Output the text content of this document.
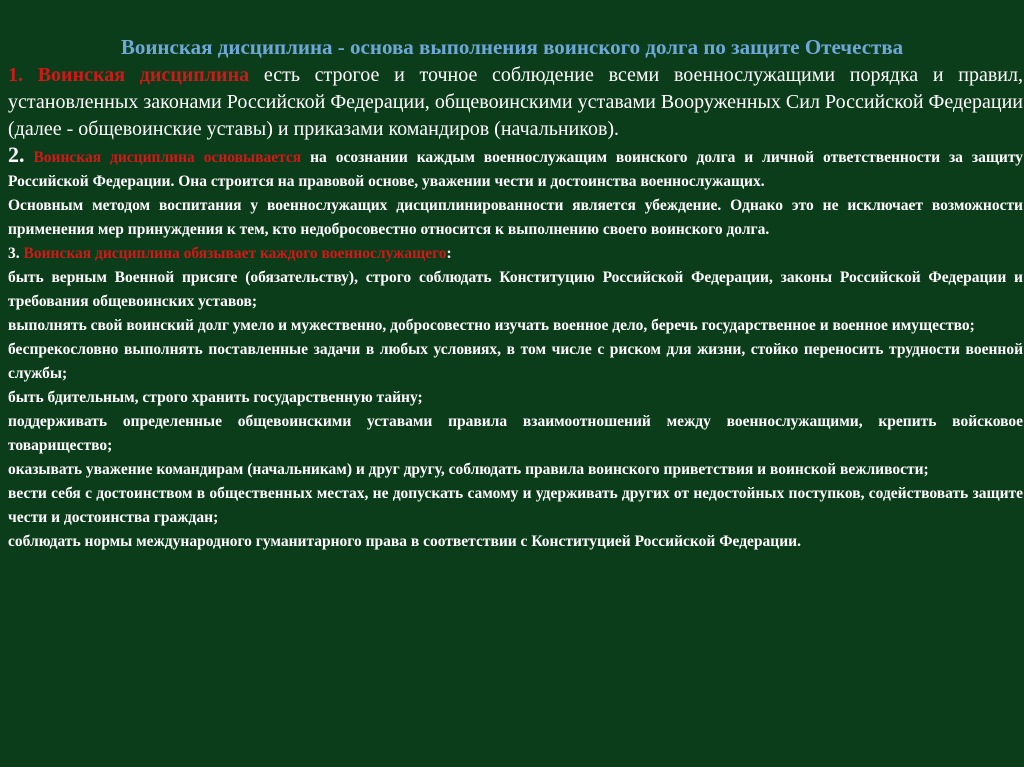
Воинская дисциплина - основа выполнения воинского долга по защите Отечества

1. Воинская дисциплина есть строгое и точное соблюдение всеми военнослужащими порядка и правил, установленных законами Российской Федерации, общевоинскими уставами Вооруженных Сил Российской Федерации (далее - общевоинские уставы) и приказами командиров (начальников).

2. Воинская дисциплина основывается на осознании каждым военнослужащим воинского долга и личной ответственности за защиту Российской Федерации. Она строится на правовой основе, уважении чести и достоинства военнослужащих.

Основным методом воспитания у военнослужащих дисциплинированности является убеждение. Однако это не исключает возможности применения мер принуждения к тем, кто недобросовестно относится к выполнению своего воинского долга.

3. Воинская дисциплина обязывает каждого военнослужащего:

быть верным Военной присяге (обязательству), строго соблюдать Конституцию Российской Федерации, законы Российской Федерации и требования общевоинских уставов;

выполнять свой воинский долг умело и мужественно, добросовестно изучать военное дело, беречь государственное и военное имущество;

беспрекословно выполнять поставленные задачи в любых условиях, в том числе с риском для жизни, стойко переносить трудности военной службы;

быть бдительным, строго хранить государственную тайну;

поддерживать определенные общевоинскими уставами правила взаимоотношений между военнослужащими, крепить войсковое товарищество;

оказывать уважение командирам (начальникам) и друг другу, соблюдать правила воинского приветствия и воинской вежливости;

вести себя с достоинством в общественных местах, не допускать самому и удерживать других от недостойных поступков, содействовать защите чести и достоинства граждан;

соблюдать нормы международного гуманитарного права в соответствии с Конституцией Российской Федерации.
